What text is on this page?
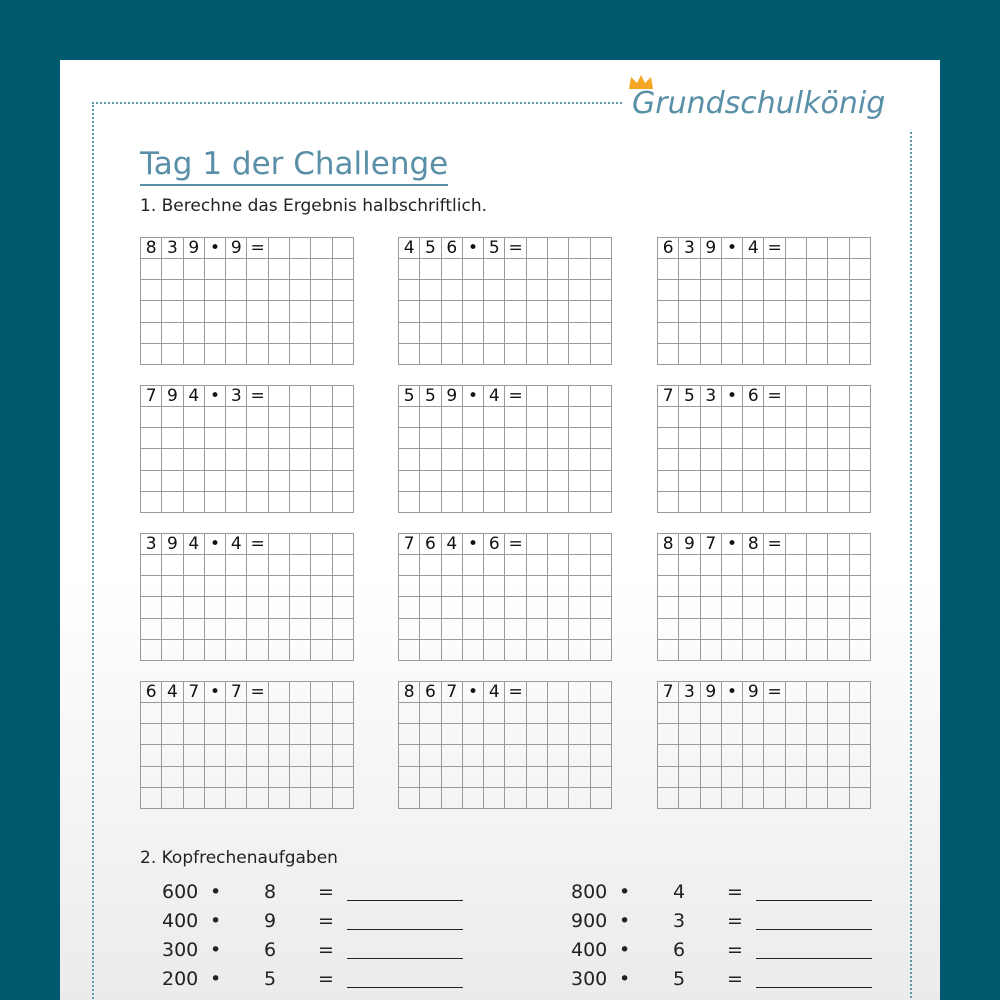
Grundschulkönig
Tag 1 der Challenge
1. Berechne das Ergebnis halbschriftlich.
8 3 9 • 9 =	4 5 6 • 5 =	6 3 9 • 4 =
7 9 4 • 3 =	5 5 9 • 4 =	7 5 3 • 6 =
3 9 4 • 4 =	7 6 4 • 6 =	8 9 7 • 8 =
6 4 7 • 7 =	8 6 7 • 4 =	7 3 9 • 9 =
2. Kopfrechenaufgaben
600 • 8 =
400 • 9 =
300 • 6 =
200 • 5 =
800 • 4 =
900 • 3 =
400 • 6 =
300 • 5 =
